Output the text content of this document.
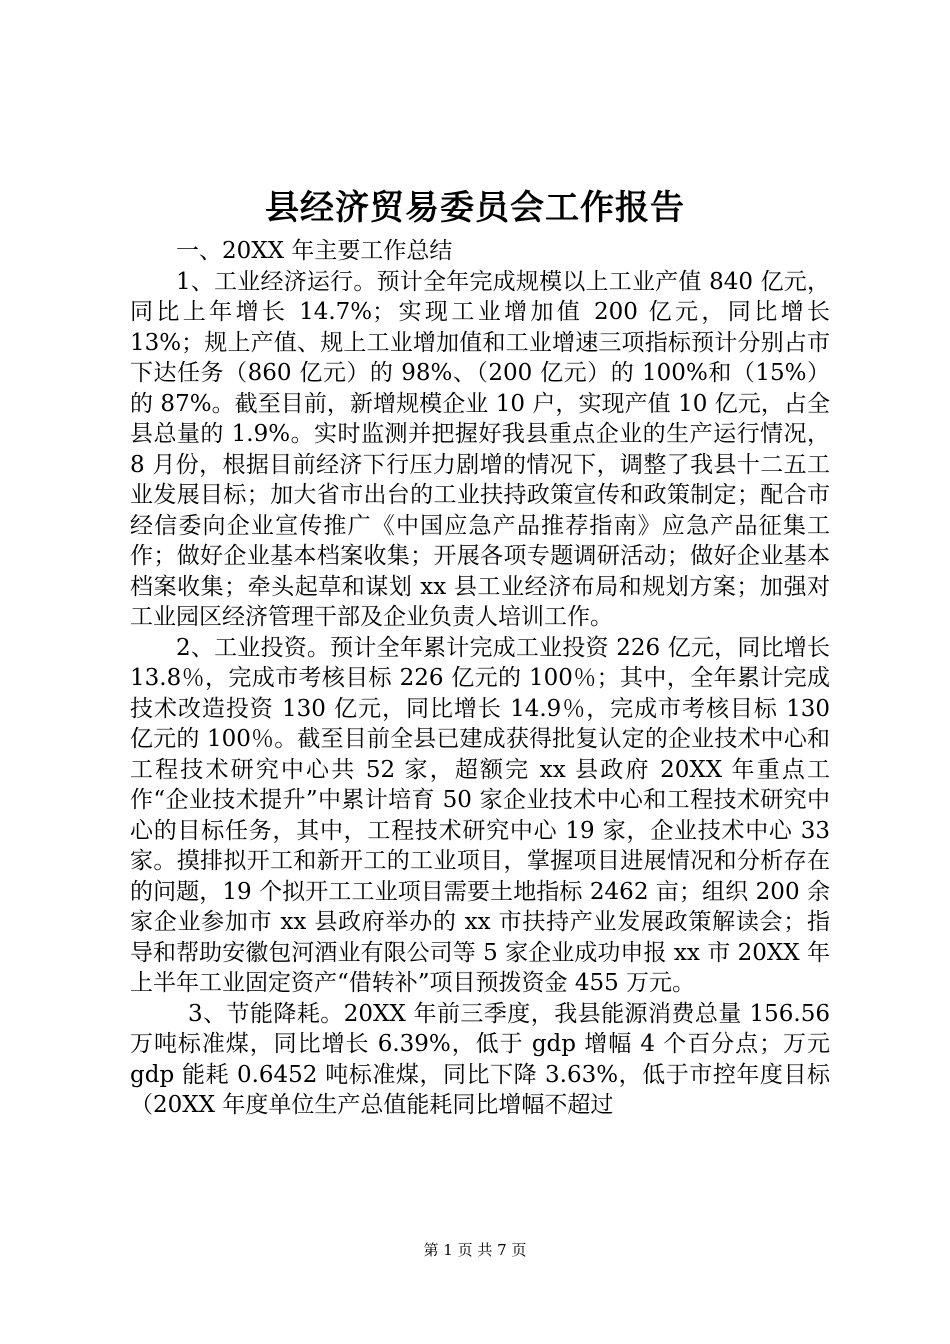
县经济贸易委员会工作报告

一、20XX 年主要工作总结

1、工业经济运行。预计全年完成规模以上工业产值 840 亿元，同比上年增长 14.7%；实现工业增加值 200 亿元，同比增长 13%；规上产值、规上工业增加值和工业增速三项指标预计分别占市下达任务（860 亿元）的 98%、（200 亿元）的 100%和（15%）的 87%。截至目前，新增规模企业 10 户，实现产值 10 亿元，占全县总量的 1.9%。实时监测并把握好我县重点企业的生产运行情况，8 月份，根据目前经济下行压力剧增的情况下，调整了我县十二五工业发展目标；加大省市出台的工业扶持政策宣传和政策制定；配合市经信委向企业宣传推广《中国应急产品推荐指南》应急产品征集工作；做好企业基本档案收集；开展各项专题调研活动；做好企业基本档案收集；牵头起草和谋划 xx 县工业经济布局和规划方案；加强对工业园区经济管理干部及企业负责人培训工作。

2、工业投资。预计全年累计完成工业投资 226 亿元，同比增长 13.8％，完成市考核目标 226 亿元的 100％；其中，全年累计完成技术改造投资 130 亿元，同比增长 14.9％，完成市考核目标 130 亿元的 100％。截至目前全县已建成获得批复认定的企业技术中心和工程技术研究中心共 52 家，超额完 xx 县政府 20XX 年重点工作“企业技术提升”中累计培育 50 家企业技术中心和工程技术研究中心的目标任务，其中，工程技术研究中心 19 家，企业技术中心 33 家。摸排拟开工和新开工的工业项目，掌握项目进展情况和分析存在的问题，19 个拟开工工业项目需要土地指标 2462 亩；组织 200 余家企业参加市 xx 县政府举办的 xx 市扶持产业发展政策解读会；指导和帮助安徽包河酒业有限公司等 5 家企业成功申报 xx 市 20XX 年上半年工业固定资产“借转补”项目预拨资金 455 万元。

3、节能降耗。20XX 年前三季度，我县能源消费总量 156.56 万吨标准煤，同比增长 6.39%，低于 gdp 增幅 4 个百分点；万元 gdp 能耗 0.6452 吨标准煤，同比下降 3.63%，低于市控年度目标（20XX 年度单位生产总值能耗同比增幅不超过

第 1 页 共 7 页
